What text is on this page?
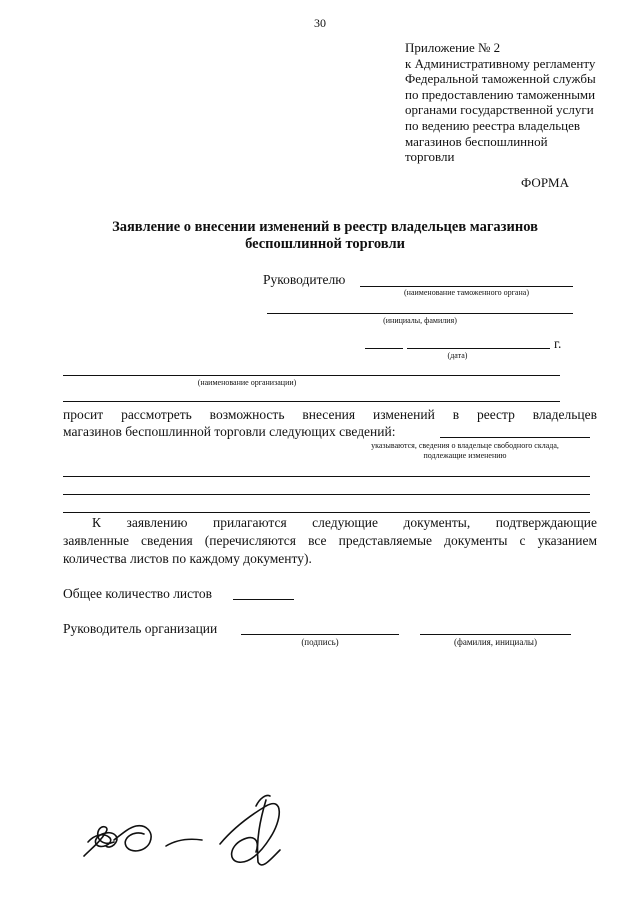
30
Приложение № 2
к Административному регламенту
Федеральной таможенной службы
по предоставлению таможенными
органами государственной услуги
по ведению реестра владельцев
магазинов беспошлинной
торговли
ФОРМА
Заявление о внесении изменений в реестр владельцев магазинов
беспошлинной торговли
Руководителю
(наименование таможенного органа)
(инициалы, фамилия)
г.
(дата)
(наименование организации)
просит рассмотреть возможность внесения изменений в реестр владельцев
магазинов беспошлинной торговли следующих сведений:
указываются, сведения о владельце свободного склада,
подлежащие изменению
К заявлению прилагаются следующие документы, подтверждающие
заявленные сведения (перечисляются все представляемые документы с указанием
количества листов по каждому документу).
Общее количество листов
Руководитель организации
(подпись)	(фамилия, инициалы)
